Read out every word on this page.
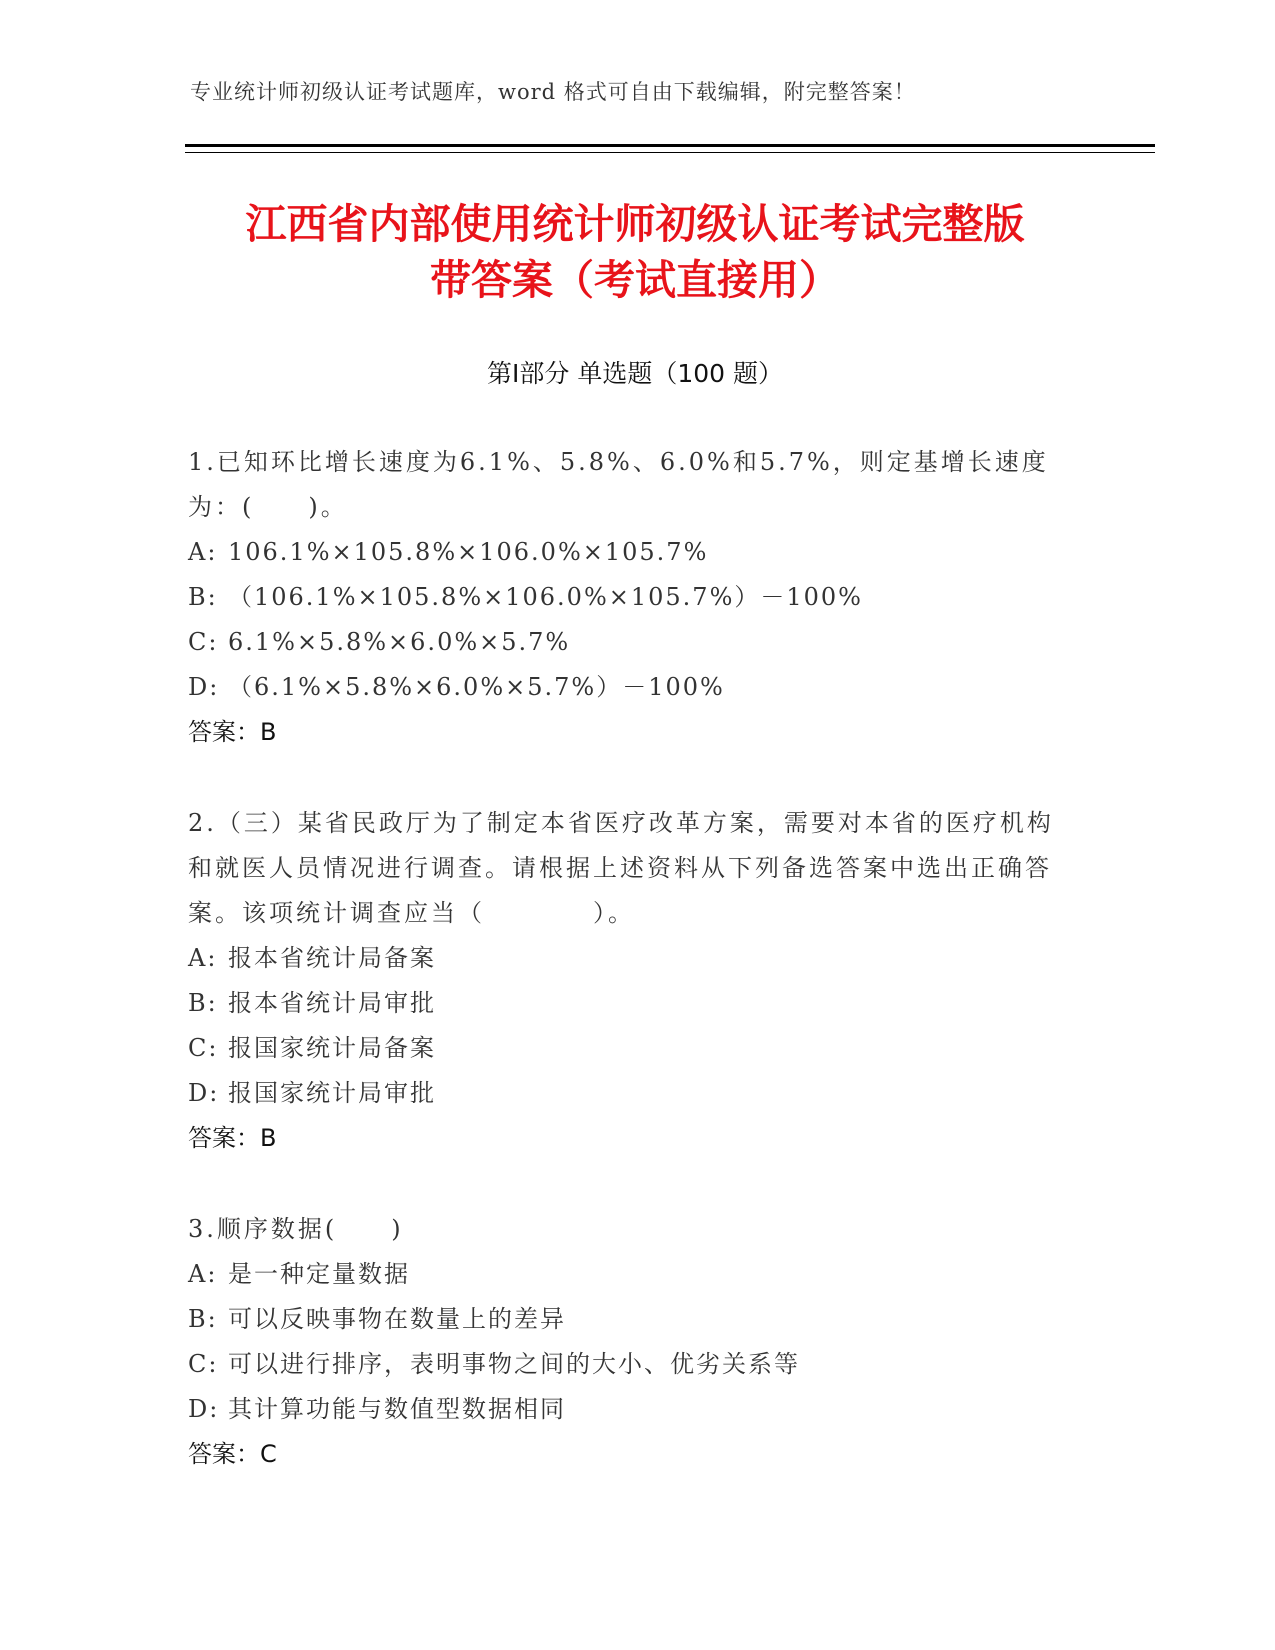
专业统计师初级认证考试题库，word 格式可自由下载编辑，附完整答案！
江西省内部使用统计师初级认证考试完整版
带答案（考试直接用）
第Ⅰ部分 单选题（100 题）
1.已知环比增长速度为6.1%、5.8%、6.0%和5.7%，则定基增长速度为：(　　)。
A: 106.1%×105.8%×106.0%×105.7%
B: （106.1%×105.8%×106.0%×105.7%）－100%
C: 6.1%×5.8%×6.0%×5.7%
D: （6.1%×5.8%×6.0%×5.7%）－100%
答案：B
2.（三）某省民政厅为了制定本省医疗改革方案，需要对本省的医疗机构和就医人员情况进行调查。请根据上述资料从下列备选答案中选出正确答案。该项统计调查应当（　　　　）。
A: 报本省统计局备案
B: 报本省统计局审批
C: 报国家统计局备案
D: 报国家统计局审批
答案：B
3.顺序数据(　　)
A: 是一种定量数据
B: 可以反映事物在数量上的差异
C: 可以进行排序，表明事物之间的大小、优劣关系等
D: 其计算功能与数值型数据相同
答案：C
